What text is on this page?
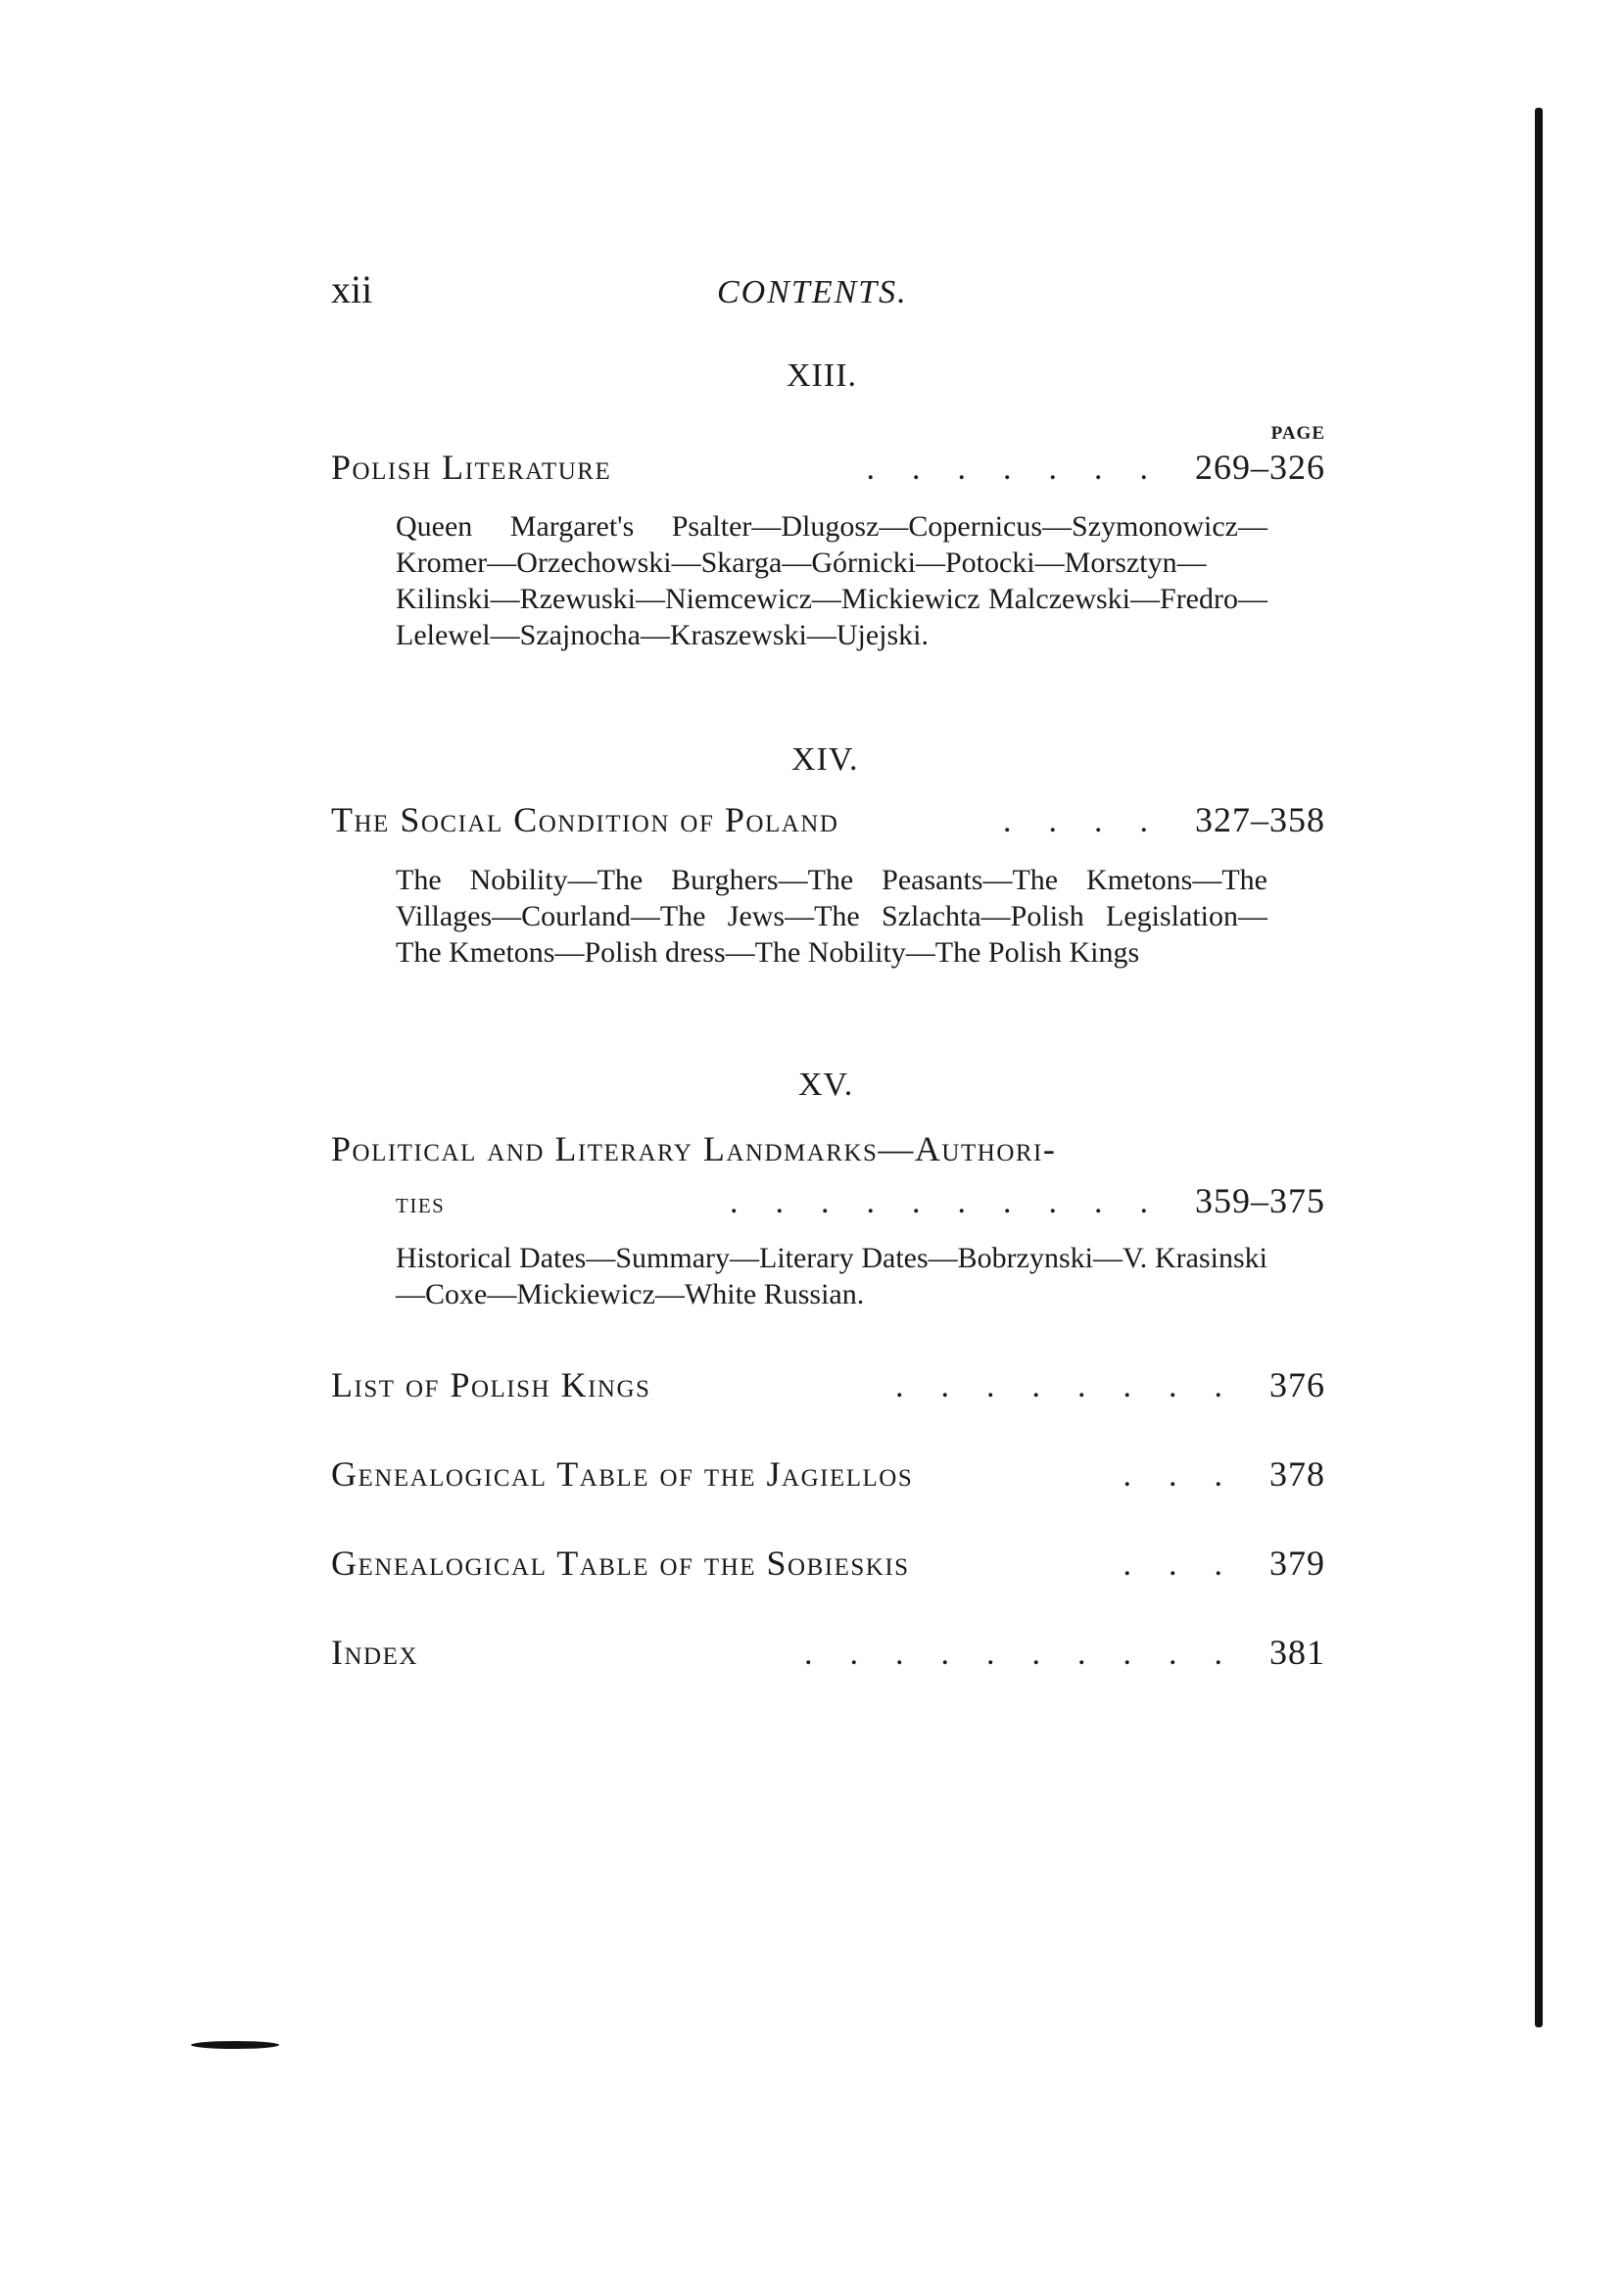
xii	CONTENTS.
XIII.
PAGE
Polish Literature	....... 269–326
Queen Margaret's Psalter—Dlugosz—Copernicus—Szymonowicz—Kromer—Orzechowski—Skarga—Górnicki—Potocki—Morsztyn—Kilinski—Rzewuski—Niemcewicz—Mickiewicz Malczewski—Fredro—Lelewel—Szajnocha—Kraszewski—Ujejski.
XIV.
The Social Condition of Poland	.... 327–358
The Nobility—The Burghers—The Peasants—The Kmetons—The Villages—Courland—The Jews—The Szlachta—Polish Legislation—The Kmetons—Polish dress—The Nobility—The Polish Kings
XV.
Political and Literary Landmarks—Authori-
ties	.......... 359–375
Historical Dates—Summary—Literary Dates—Bobrzynski—V. Krasinski—Coxe—Mickiewicz—White Russian.
List of Polish Kings	........ 376
Genealogical Table of the Jagiellos	... 378
Genealogical Table of the Sobieskis	... 379
Index	.......... 381
